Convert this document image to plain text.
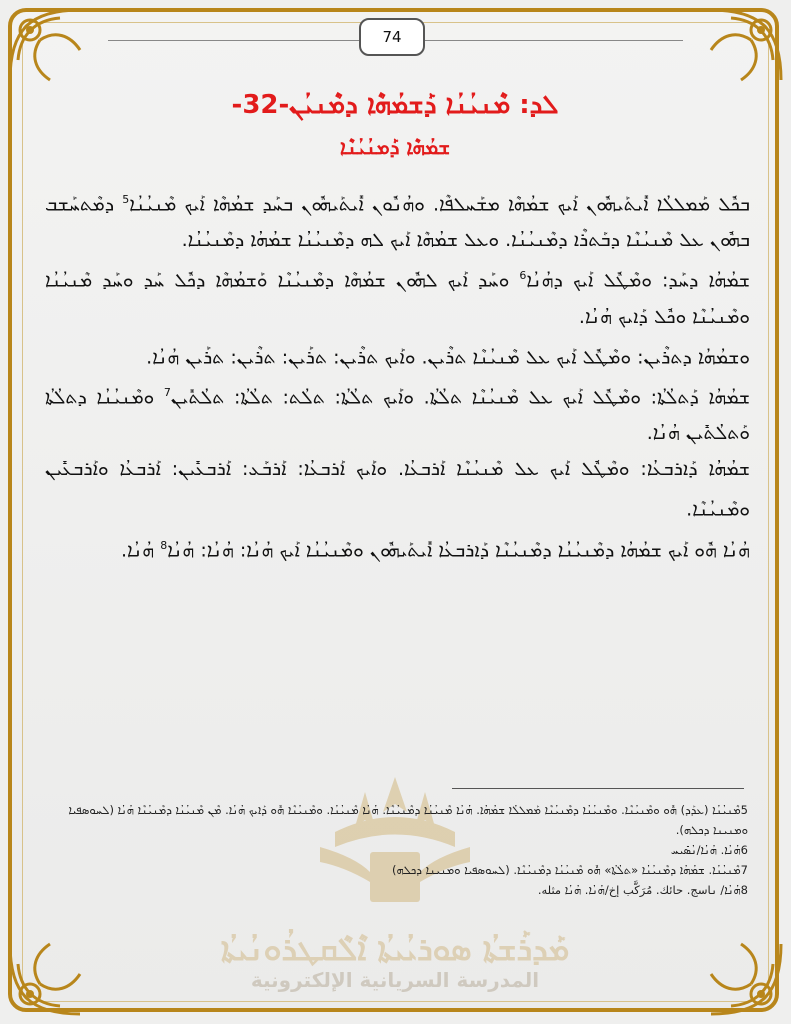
74
ܠܕ: ܡܶܢܝܳܢܳܐ ܕܰܫܡܳܗܶܐ ܕܡܶܢܝܳܢ-32-
ܫܡܳܗܶܐ ܕܰܡܢܳܝܳܢܶܐ

ܒܟܽܠ ܡܰܡܠܠܳܐ ܐܺܝܬܰܝܗܽܘܢ ܐܰܝܟ ܫܡܳܗܶܐ ܡܫܰܚܠܦܶܐ. ܘܗܳܢܽܘܢ ܐܺܝܬܰܝܗܽܘܢ ܒܚܰܕ ܫܡܳܗܶܐ ܐܰܝܟ ܡܶܢܝܳܢܳܐ$^5$ ܕܡܶܬܚܰܫܒ ܒܗܽܘܢ ܥܠ ܡܶܢܝܳܢܶܐ ܕܒܰܬܪܶܐ ܕܡܶܢܝܳܢܳܐ. ܘܥܠ ܫܡܳܗܶܐ ܐܰܝܟ ܠܗ ܕܡܶܢܝܳܢܳܐ ܫܡܳܗܳܐ ܕܡܶܢܝܳܢܳܐ.

ܫܡܳܗܳܐ ܕܚܰܕ: ܘܡܶܛܽܠ ܐܰܝܟ ܕܗܳܢܳܐ$^6$ ܘܚܰܕ ܐܰܝܟ ܠܗܽܘܢ ܫܡܳܗܶܐ ܕܡܶܢܝܳܢܶܐ ܘܰܫܡܳܗܶܐ ܕܟܽܠ ܚܰܕ ܘܚܰܕ ܡܶܢܝܳܢܳܐ ܘܡܶܢܝܳܢܶܐ ܘܟܽܠ ܕܰܐܝܟ ܗܳܢܳܐ.

ܘܫܡܳܗܳܐ ܕܬܪܶܝܢ: ܘܡܶܛܽܠ ܐܰܝܟ ܥܠ ܡܶܢܝܳܢܶܐ ܬܪܶܝܢ. ܘܐܰܝܟ ܬܪܶܝܢ: ܬܪܰܝܢ: ܬܪܶܝܢ: ܬܪܰܝܢ ܗܳܢܳܐ.

ܫܡܳܗܳܐ ܕܰܬܠܳܬܳܐ: ܘܡܶܛܽܠ ܐܰܝܟ ܥܠ ܡܶܢܝܳܢܶܐ ܬܠܳܬܳܐ. ܘܐܰܝܟ ܬܠܳܬܳܐ: ܬܠܳܬ: ܬܠܳܬܳܐ: ܬܠܳܬܺܝܢ$^7$ ܘܡܶܢܝܳܢܳܐ ܕܬܠܳܬܳܐ ܘܰܬܠܳܬܺܝܢ ܗܳܢܳܐ.

ܫܡܳܗܳܐ ܕܰܐܪܒܥܳܐ: ܘܡܶܛܽܠ ܐܰܝܟ ܥܠ ܡܶܢܝܳܢܶܐ ܐܰܪܒܥܳܐ. ܘܐܰܝܟ ܐܰܪܒܥܳܐ: ܐܰܪܒܰܥ: ܐܰܪܒܥܺܝܢ: ܐܰܪܒܥܳܐ ܘܐܰܪܒܥܺܝܢ ܘܡܶܢܝܳܢܶܐ.

ܗܳܢܳܐ ܗܽܘ ܐܰܝܟ ܫܡܳܗܳܐ ܕܡܶܢܝܳܢܳܐ ܕܡܶܢܝܳܢܶܐ ܕܰܐܪܒܥܳܐ ܐܺܝܬܰܝܗܽܘܢ ܘܡܶܢܝܳܢܳܐ ܐܰܝܟ ܗܳܢܳܐ: ܗܳܢܳܐ: ܗܳܢܳܐ$^8$ ܗܳܢܳܐ.

5ܡܶܢܝܳܢܳܐ (ܥܕܰܕ) ܗܽܘ ܘܡܶܢܝܳܢܶܐ. ܘܡܶܢܝܳܢܳܐ ܕܡܶܢܝܳܢܶܐ ܡܰܡܠܠܳܐ ܫܡܳܗܳܐ. ܗܳܢܳܐ ܡܶܢܝܳܢܳܐ ܕܡܶܢܝܳܢܶܐ. ܗܳܢܳܐ ܡܶܢܝܳܢܳܐ. ܘܡܶܢܝܳܢܶܐ ܗܽܘ ܕܰܐܝܟ ܗܳܢܳܐ. ܡܶܢ ܡܶܢܝܳܢܳܐ ܕܡܶܢܝܳܢܶܐ ܗܳܢܳܐ (ܠܚܘܣܦܝܐ ܘܡܢܝܢܐ ܕܟܠܗ).

6ܗܳܢܳܐ. ܗܳܢܳܐ/ܢܳܣܺܝܚ

7ܡܶܢܝܳܢܳܐ. ܫܡܳܗܳܐ ܕܡܶܢܝܳܢܳܐ «ܬܠܳܬܳܐ» ܗܽܘ ܡܶܢܝܳܢܳܐ ܕܡܶܢܝܳܢܶܐ. (ܠܚܘܣܦܝܐ ܘܡܢܝܢܐ ܕܟܠܗ)

8ܗܳܢܳܐ/ ܢاسج. حائك. مُرَكَّب إخ/ܗܳܢܳܐ. ܗܳܢܳܐ مثله.

ܡܰܕܪܰܫܬܳܐ ܣܘܪܝܳܝܬܳܐ ܐܶܠܶܩܛܪܳܘܢܳܝܬܳܐ
المدرسة السريانية الإلكترونية
